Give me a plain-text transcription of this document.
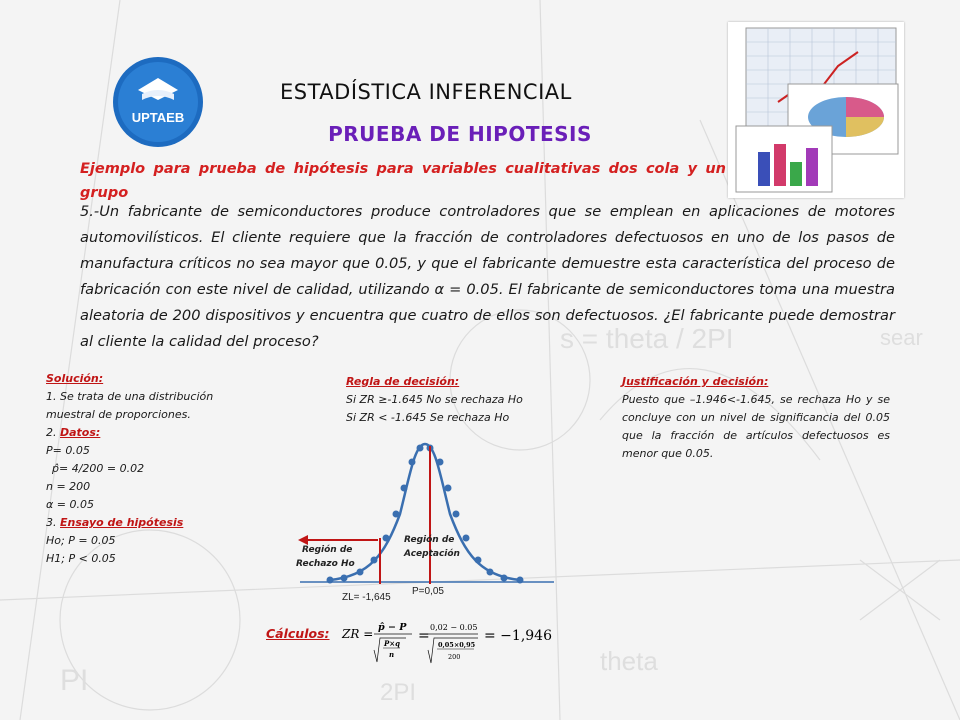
s = theta / 2PI
theta
2PI
PI
sear
UPTAEB
ESTADÍSTICA INFERENCIAL
PRUEBA DE HIPOTESIS
Ejemplo para prueba de hipótesis para variables cualitativas dos cola y un grupo
5.-Un fabricante de semiconductores produce controladores que se emplean en aplicaciones de motores automovilísticos. El cliente requiere que la fracción de controladores defectuosos en uno de los pasos de manufactura críticos no sea mayor que 0.05, y que el fabricante demuestre esta característica del proceso de fabricación con este nivel de calidad, utilizando α = 0.05. El fabricante de semiconductores toma una muestra aleatoria de 200 dispositivos y encuentra que cuatro de ellos son defectuosos. ¿El fabricante puede demostrar al cliente la calidad del proceso?
Solución:
1. Se trata de una distribución muestral de proporciones.
2. Datos:
P= 0.05
p̂= 4/200 = 0.02
n = 200
α = 0.05
3. Ensayo de hipótesis
Ho; P = 0.05
H1; P < 0.05
Regla de decisión:
Si ZR ≥-1.645 No se rechaza Ho
Si ZR < -1.645 Se rechaza Ho
Justificación y decisión:
Puesto que –1.946<-1.645, se rechaza Ho y se concluye con un nivel de significancia del 0.05 que la fracción de artículos defectuosos es menor que 0.05.
Región de
Rechazo Ho
Región de
Aceptación
P=0,05
ZL= -1,645
Cálculos: ZR = p̂ − P
P×q
n
=
0,02 − 0.05
0,05×0,95
200
= −1,946
